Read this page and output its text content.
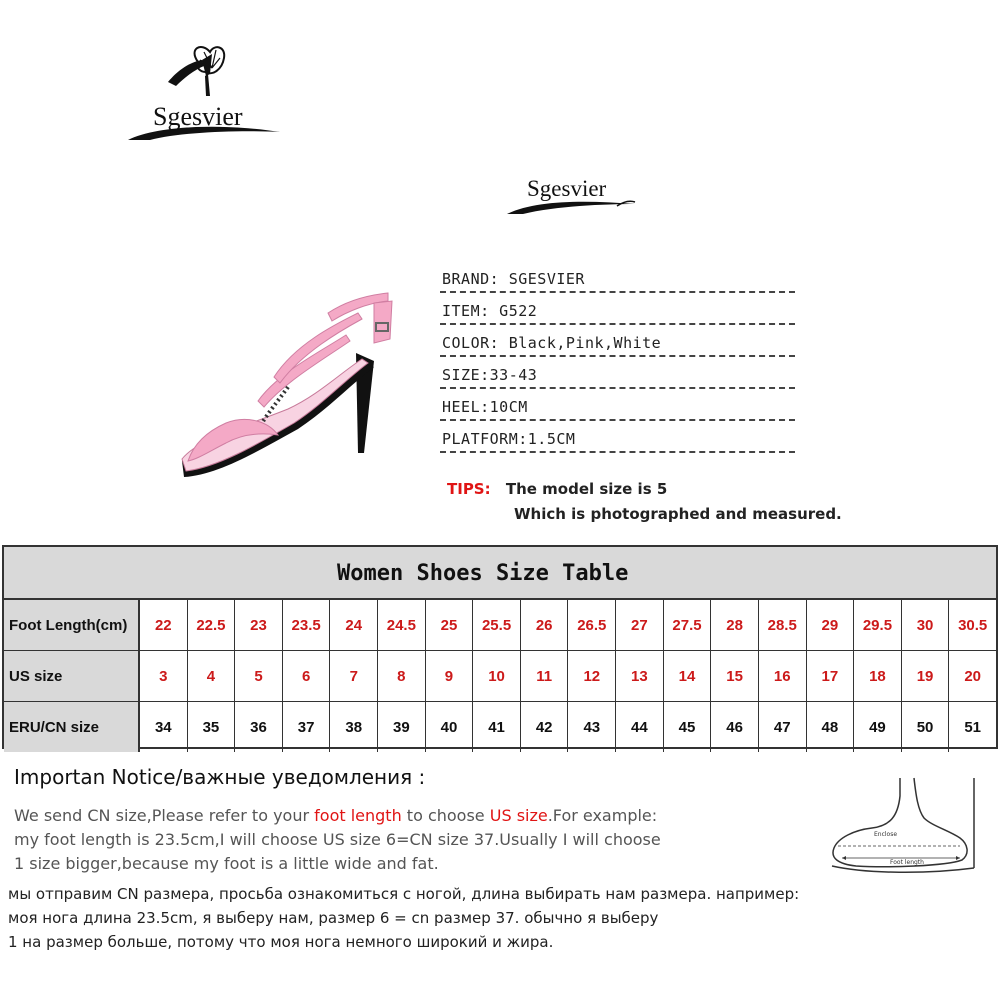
Sgesvier
Sgesvier
BRAND: SGESVIER
ITEM: G522
COLOR: Black,Pink,White
SIZE:33-43
HEEL:10CM
PLATFORM:1.5CM
TIPS: The model size is 5
Which is photographed and measured.
Women Shoes Size Table
Foot Length(cm)	22	22.5	23	23.5	24	24.5	25	25.5	26	26.5	27	27.5	28	28.5	29	29.5	30	30.5
US size	3	4	5	6	7	8	9	10	11	12	13	14	15	16	17	18	19	20
ERU/CN size	34	35	36	37	38	39	40	41	42	43	44	45	46	47	48	49	50	51
Importan Notice/важные уведомления :
We send CN size,Please refer to your foot length to choose US size.For example:
my foot length is 23.5cm,I will choose US size 6=CN size 37.Usually I will choose
1 size bigger,because my foot is a little wide and fat.
мы отправим CN размера, просьба ознакомиться с ногой, длина выбирать нам размера. например:
моя нога длина 23.5cm, я выберу нам, размер 6 = cn размер 37. обычно я выберу
1 на размер больше, потому что моя нога немного широкий и жира.
Enclose
Foot length
